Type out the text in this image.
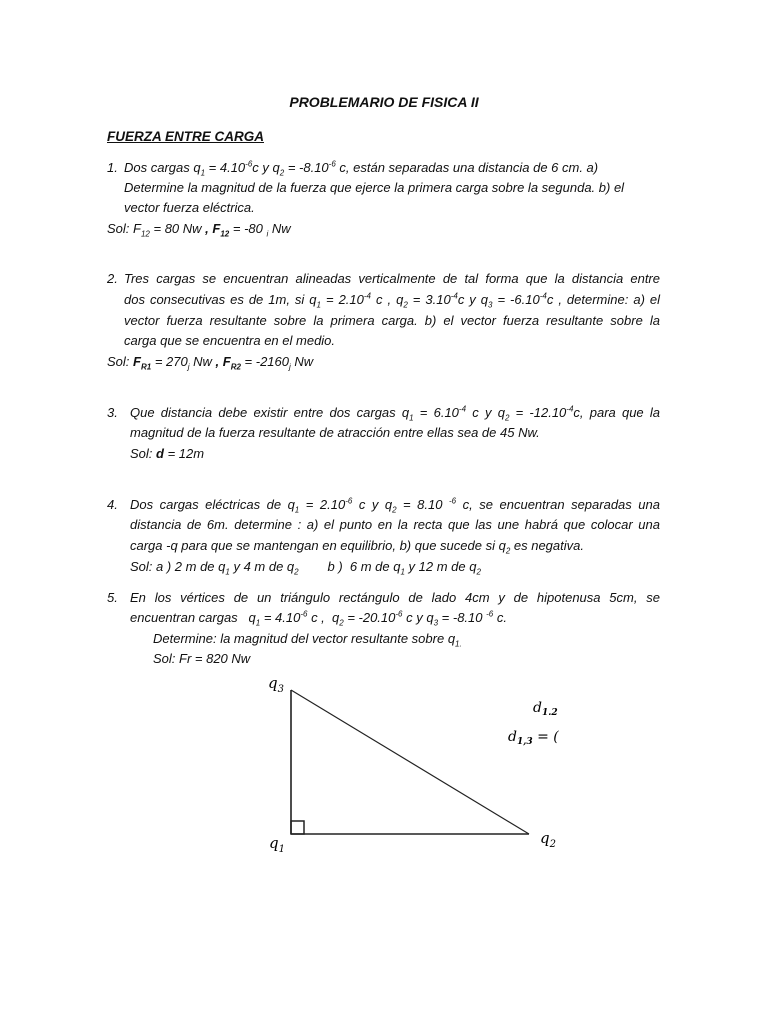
PROBLEMARIO DE FISICA II
FUERZA ENTRE CARGA
1. Dos cargas $q_1 = 4.10^{-6}c$ y $q_2 = -8.10^{-6}$ c, están separadas una distancia de 6 cm. a)
Determine la magnitud de la fuerza que ejerce la primera carga sobre la segunda. b) el
vector fuerza eléctrica.
Sol: $F_{12} = 80$ Nw , $F_{12} = -80$ $_i$ Nw
2. Tres cargas se encuentran alineadas verticalmente de tal forma que la distancia entre
dos consecutivas es de 1m, si $q_1 = 2.10^{-4}$ c , $q_2 = 3.10^{-4}c$ y $q_3 = -6.10^{-4}c$ , determine: a) el
vector fuerza resultante sobre la primera carga. b) el vector fuerza resultante sobre la
carga que se encuentra en el medio.
Sol: $F_{R1} = 270_j$ Nw , $F_{R2} = -2160_j$ Nw
3. Que distancia debe existir entre dos cargas $q_1 = 6.10^{-4}$ c y $q_2 = -12.10^{-4}c$, para que la
magnitud de la fuerza resultante de atracción entre ellas sea de 45 Nw.
Sol: d = 12m
4. Dos cargas eléctricas de $q_1 = 2.10^{-6}$ c y $q_2 = 8.10$ $^{-6}$ c, se encuentran separadas una
distancia de 6m. determine : a) el punto en la recta que las une habrá que colocar una
carga -q para que se mantengan en equilibrio, b) que sucede si $q_2$ es negativa.
Sol: a ) 2 m de $q_1$ y 4 m de $q_2$        b )  6 m de $q_1$ y 12 m de $q_2$
5. En los vértices de un triángulo rectángulo de lado 4cm y de hipotenusa 5cm, se
encuentran cargas   $q_1 = 4.10^{-6}$ c ,  $q_2 = -20.10^{-6}$ c y $q_3 = -8.10$ $^{-6}$ c.
Determine: la magnitud del vector resultante sobre $q_{1.}$
Sol: Fr = 820 Nw
$q_3$
$q_1$
$q_2$
$d_{1.2}$
$d_{1,3}$ = (
